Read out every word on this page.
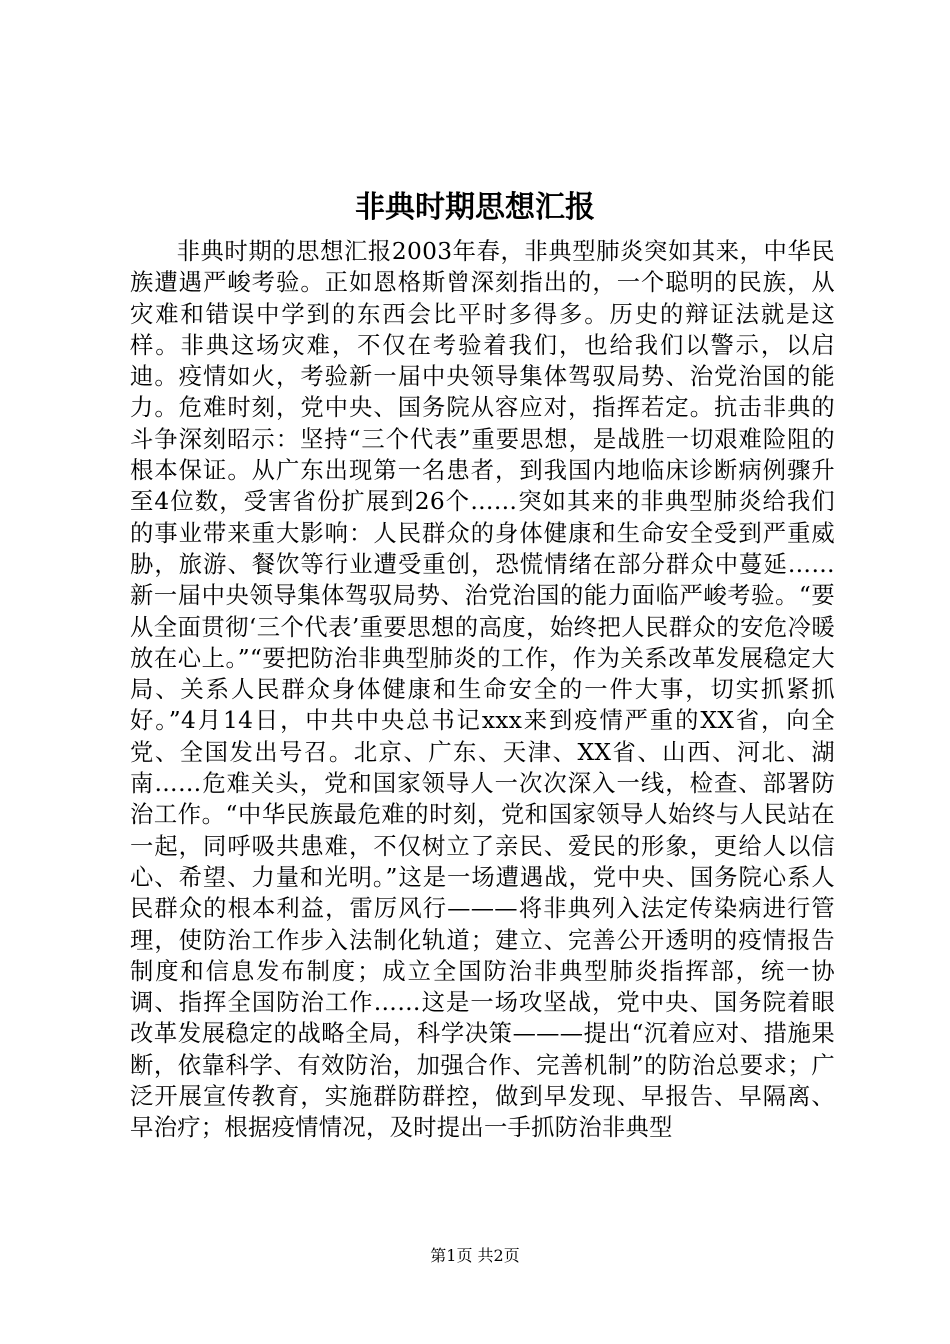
非典时期思想汇报

非典时期的思想汇报2003年春，非典型肺炎突如其来，中华民族遭遇严峻考验。正如恩格斯曾深刻指出的，一个聪明的民族，从灾难和错误中学到的东西会比平时多得多。历史的辩证法就是这样。非典这场灾难，不仅在考验着我们，也给我们以警示，以启迪。疫情如火，考验新一届中央领导集体驾驭局势、治党治国的能力。危难时刻，党中央、国务院从容应对，指挥若定。抗击非典的斗争深刻昭示：坚持“三个代表”重要思想，是战胜一切艰难险阻的根本保证。从广东出现第一名患者，到我国内地临床诊断病例骤升至4位数，受害省份扩展到26个……突如其来的非典型肺炎给我们的事业带来重大影响：人民群众的身体健康和生命安全受到严重威胁，旅游、餐饮等行业遭受重创，恐慌情绪在部分群众中蔓延……新一届中央领导集体驾驭局势、治党治国的能力面临严峻考验。“要从全面贯彻‘三个代表’重要思想的高度，始终把人民群众的安危冷暖放在心上。”“要把防治非典型肺炎的工作，作为关系改革发展稳定大局、关系人民群众身体健康和生命安全的一件大事，切实抓紧抓好。”4月14日，中共中央总书记xxx来到疫情严重的XX省，向全党、全国发出号召。北京、广东、天津、XX省、山西、河北、湖南……危难关头，党和国家领导人一次次深入一线，检查、部署防治工作。“中华民族最危难的时刻，党和国家领导人始终与人民站在一起，同呼吸共患难，不仅树立了亲民、爱民的形象，更给人以信心、希望、力量和光明。”这是一场遭遇战，党中央、国务院心系人民群众的根本利益，雷厉风行———将非典列入法定传染病进行管理，使防治工作步入法制化轨道；建立、完善公开透明的疫情报告制度和信息发布制度；成立全国防治非典型肺炎指挥部，统一协调、指挥全国防治工作……这是一场攻坚战，党中央、国务院着眼改革发展稳定的战略全局，科学决策———提出“沉着应对、措施果断，依靠科学、有效防治，加强合作、完善机制”的防治总要求；广泛开展宣传教育，实施群防群控，做到早发现、早报告、早隔离、早治疗；根据疫情情况，及时提出一手抓防治非典型

第1页 共2页
